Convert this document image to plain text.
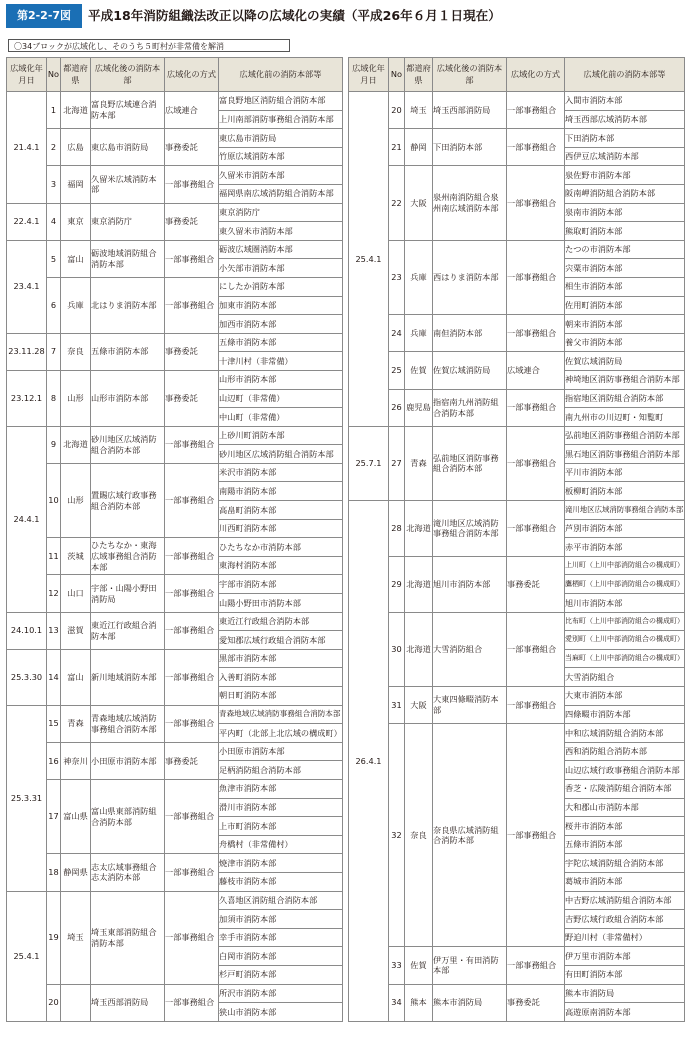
第2-2-7図	平成18年消防組織法改正以降の広域化の実績（平成26年６月１日現在）
〇34ブロックが広域化し、そのうち５町村が非常備を解消
広域化年月日	No	都道府県	広域化後の消防本部	広域化の方式	広域化前の消防本部等
21.4.1	1	北海道	富良野広域連合消防本部	広域連合	富良野地区消防組合消防本部
					上川南部消防事務組合消防本部
	2	広島	東広島市消防局	事務委託	東広島市消防局
					竹原広域消防本部
	3	福岡	久留米広域消防本部	一部事務組合	久留米市消防本部
					福岡県南広域消防組合消防本部
22.4.1	4	東京	東京消防庁	事務委託	東京消防庁
					東久留米市消防本部
23.4.1	5	富山	砺波地域消防組合消防本部	一部事務組合	砺波広域圏消防本部
					小矢部市消防本部
	6	兵庫	北はりま消防本部	一部事務組合	にしたか消防本部
					加東市消防本部
					加西市消防本部
23.11.28	7	奈良	五條市消防本部	事務委託	五條市消防本部
					十津川村（非常備）
23.12.1	8	山形	山形市消防本部	事務委託	山形市消防本部
					山辺町（非常備）
					中山町（非常備）
24.4.1	9	北海道	砂川地区広域消防組合消防本部	一部事務組合	上砂川町消防本部
					砂川地区広域消防組合消防本部
	10	山形	置賜広域行政事務組合消防本部	一部事務組合	米沢市消防本部
					南陽市消防本部
					高畠町消防本部
					川西町消防本部
	11	茨城	ひたちなか・東海広域事務組合消防本部	一部事務組合	ひたちなか市消防本部
					東海村消防本部
	12	山口	宇部・山陽小野田消防局	一部事務組合	宇部市消防本部
					山陽小野田市消防本部
24.10.1	13	滋賀	東近江行政組合消防本部	一部事務組合	東近江行政組合消防本部
					愛知郡広域行政組合消防本部
25.3.30	14	富山	新川地域消防本部	一部事務組合	黒部市消防本部
					入善町消防本部
					朝日町消防本部
25.3.31	15	青森	青森地域広域消防事務組合消防本部	一部事務組合	青森地域広域消防事務組合消防本部
					平内町（北部上北広域の構成町）
	16	神奈川	小田原市消防本部	事務委託	小田原市消防本部
					足柄消防組合消防本部
	17	富山県	富山県東部消防組合消防本部	一部事務組合	魚津市消防本部
					滑川市消防本部
					上市町消防本部
					舟橋村（非常備村）
	18	静岡県	志太広域事務組合志太消防本部	一部事務組合	焼津市消防本部
					藤枝市消防本部
25.4.1	19	埼玉	埼玉東部消防組合消防本部	一部事務組合	久喜地区消防組合消防本部
					加須市消防本部
					幸手市消防本部
					白岡市消防本部
					杉戸町消防本部
	20		埼玉西部消防局	一部事務組合	所沢市消防本部
					狭山市消防本部
広域化年月日	No	都道府県	広域化後の消防本部	広域化の方式	広域化前の消防本部等
25.4.1	20	埼玉	埼玉西部消防局	一部事務組合	入間市消防本部
					埼玉西部広域消防本部
	21	静岡	下田消防本部	一部事務組合	下田消防本部
					西伊豆広域消防本部
	22	大阪	泉州南消防組合泉州南広域消防本部	一部事務組合	泉佐野市消防本部
					阪南岬消防組合消防本部
					泉南市消防本部
					熊取町消防本部
	23	兵庫	西はりま消防本部	一部事務組合	たつの市消防本部
					宍粟市消防本部
					相生市消防本部
					佐用町消防本部
	24	兵庫	南但消防本部	一部事務組合	朝来市消防本部
					養父市消防本部
	25	佐賀	佐賀広域消防局	広域連合	佐賀広域消防局
					神埼地区消防事務組合消防本部
	26	鹿児島	指宿南九州消防組合消防本部	一部事務組合	指宿地区消防組合消防本部
					南九州市の川辺町・知覧町
25.7.1	27	青森	弘前地区消防事務組合消防本部	一部事務組合	弘前地区消防事務組合消防本部
					黒石地区消防事務組合消防本部
					平川市消防本部
					板柳町消防本部
26.4.1	28	北海道	滝川地区広域消防事務組合消防本部	一部事務組合	滝川地区広域消防事務組合消防本部
					芦別市消防本部
					赤平市消防本部
	29	北海道	旭川市消防本部	事務委託	上川町（上川中部消防組合の構成町）
					鷹栖町（上川中部消防組合の構成町）
					旭川市消防本部
	30	北海道	大雪消防組合	一部事務組合	比布町（上川中部消防組合の構成町）
					愛別町（上川中部消防組合の構成町）
					当麻町（上川中部消防組合の構成町）
					大雪消防組合
	31	大阪	大東四條畷消防本部	一部事務組合	大東市消防本部
					四條畷市消防本部
	32	奈良	奈良県広域消防組合消防本部	一部事務組合	中和広域消防組合消防本部
					西和消防組合消防本部
					山辺広域行政事務組合消防本部
					香芝・広陵消防組合消防本部
					大和郡山市消防本部
					桜井市消防本部
					五條市消防本部
					宇陀広域消防組合消防本部
					葛城市消防本部
					中吉野広域消防組合消防本部
					吉野広域行政組合消防本部
					野迫川村（非常備村）
	33	佐賀	伊万里・有田消防本部	一部事務組合	伊万里市消防本部
					有田町消防本部
	34	熊本	熊本市消防局	事務委託	熊本市消防局
					高遊原南消防本部
